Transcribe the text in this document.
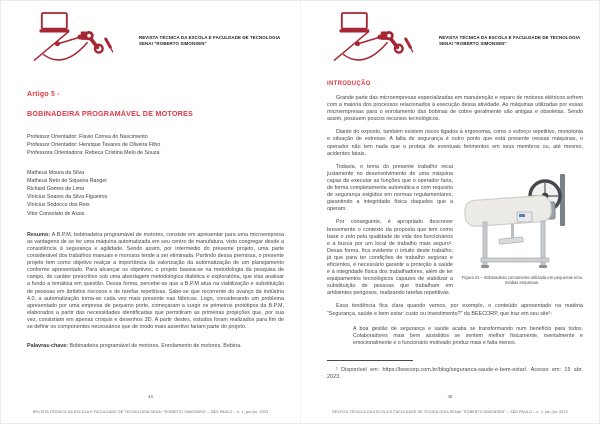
REVISTA TÉCNICA DA ESCOLA E FACULDADE DE TECNOLOGIA
SENAI "ROBERTO SIMONSEN"
Artigo 5 -
BOBINADEIRA PROGRAMÁVEL DE MOTORES
Professor Orientador: Flavio Correa do Nascimento
Professor Orientador: Henrique Tavares de Oliveira Filho
Professora Orientadora: Rebeca Cristina Melo de Souza
Matheus Moura da Silva
Matheus Neto de Siqueira Rangel
Richard Gomes de Lima
Vinícius Soares da Silva Figueiros
Vinícius Sodocco dos Reis
Vitor Consolato de Assis

Resumo: A B.P.M, bobinadeira programável de motores, consiste em apresentar para uma microempresa as vantagens de se ter uma máquina automatizada em seu centro de manufatura, visto congregar desde a consistência à segurança e agilidade. Sendo assim, por intermédio do presente projeto, uma parte considerável dos trabalhos manuais e morosos tende a ser eliminada. Partindo dessa premissa, o presente projeto tem como objetivo realçar a importância da valorização da automatização de um planejamento conforme apresentado. Para alcançar os objetivos, o projeto baseia-se na metodologia da pesquisa de campo, de caráter prescritivo sob uma abordagem metodológica dialética e exploratória, que visa analisar a fundo a temática em questão. Dessa forma, percebe-se que a B.P.M atua na viabilização e substituição de pessoas em âmbitos riscosos e de tarefas repetitivas. Sabe-se que recorrente do avanço da indústria 4.0, a automatização torna-se cada vez mais presente nas fábricas. Logo, considerando um problema apresentado por uma empresa de pequeno porte, começaram a surgir os primeiros protótipos da B.P.M, elaborados a partir das necessidades identificadas que permitiram as primeiras projeções que, por sua vez, consistiam em apenas croquis e desenhos 3D. A partir destes, estudos foram realizados para fim de se definir os componentes necessários que de modo mais assertivo fariam parte do projeto.

Palavras-chave: Bobinadeira programável de motores. Enrolamento de motores. Bobina.

44
REVISTA TÉCNICA DA ESCOLA E FACULDADE DE TECNOLOGIA SENAI "ROBERTO SIMONSEN" – SÃO PAULO – n. 1, jan./jul. 2023
REVISTA TÉCNICA DA ESCOLA E FACULDADE DE TECNOLOGIA
SENAI "ROBERTO SIMONSEN"
INTRODUÇÃO

Grande parte das microempresas especializadas em manutenção e reparo de motores elétricos sofrem com a maioria dos processos relacionados à execução dessa atividade. As máquinas utilizadas por essas microempresas para o enrolamento das bobinas de cobre geralmente são antigas e obsoletas. Sendo assim, possuem poucos recursos tecnológicos.

Diante do exposto, também existem riscos ligados à ergonomia, como o esforço repetitivo, monotonia e situação de estresse. A falta de segurança é outro ponto que está presente nessas máquinas, o operador não tem nada que o proteja de eventuais ferimentos em seus membros ou, até mesmo, acidentes fatais.

Figura 01 – Bobinadeira comumente utilizada em pequenas e/ou médias empresas.

Todavia, o tema do presente trabalho recai justamente no desenvolvimento de uma máquina capaz de executar as funções que o operador faria, de forma completamente automática e com requisito de segurança exigidos em normas regulamentares, garantindo a integridade física daqueles que a operam.

Por conseguinte, é apropriado descrever brevemente o contexto da proposta que tem como base o zelo pela qualidade de vida dos funcionários e a busca por um local de trabalho mais seguro¹. Dessa forma, fica evidente o intuito deste trabalho, já que para ter condições de trabalho seguras e eficientes, é necessário garantir a proteção à saúde e à integridade física dos trabalhadores, além de ter equipamentos tecnológicos capazes de viabilizar a substituição de pessoas que trabalham em ambientes perigosos, realizando tarefas repetitivas.

Essa tendência fica clara quando vemos, por exemplo, o conteúdo apresentado na matéria “Segurança, saúde e bem estar: custo ou investimento?” da BEECORP, que traz em seu site¹:

A boa gestão de segurança e saúde acaba se transformando num benefício para todos. Colaboradores mais bem assistidos se sentem melhor fisicamente, mentalmente e emocionalmente e o funcionário motivado produz mais e falta menos.

¹ Disponível em: https://beecorp.com.br/blog/seguranca-saude-e-bem-estar/. Acesso em: 15 abr. 2023.

45
REVISTA TÉCNICA DA ESCOLA E FACULDADE DE TECNOLOGIA SENAI "ROBERTO SIMONSEN" – SÃO PAULO – n. 1, jan./jul. 2023
